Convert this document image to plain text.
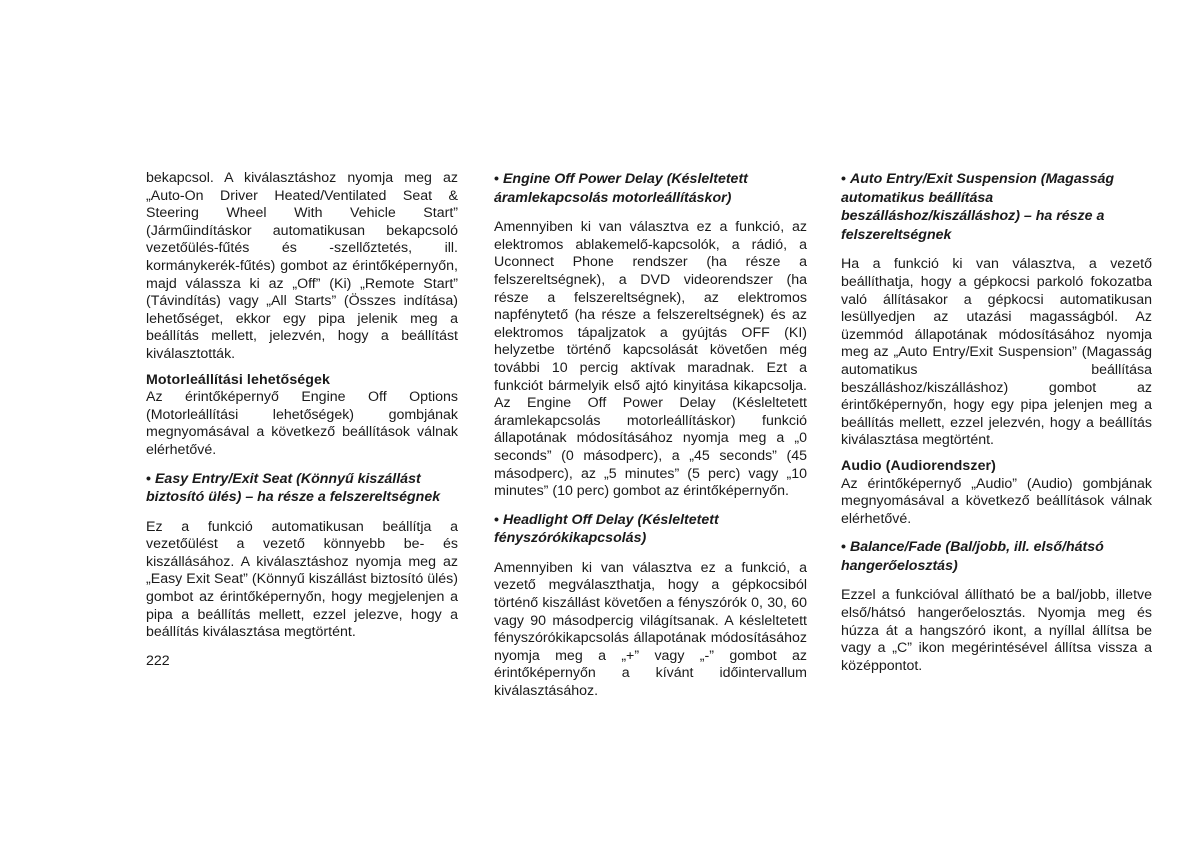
bekapcsol. A kiválasztáshoz nyomja meg az „Auto-On Driver Heated/Ventilated Seat & Steering Wheel With Vehicle Start” (Járműindításkor automatikusan bekapcsoló vezetőülés-fűtés és -szellőztetés, ill. kormánykerék-fűtés) gombot az érintőképernyőn, majd válassza ki az „Off” (Ki) „Remote Start” (Távindítás) vagy „All Starts” (Összes indítása) lehetőséget, ekkor egy pipa jelenik meg a beállítás mellett, jelezvén, hogy a beállítást kiválasztották.

Motorleállítási lehetőségek

Az érintőképernyő Engine Off Options (Motorleállítási lehetőségek) gombjának megnyomásával a következő beállítások válnak elérhetővé.

• Easy Entry/Exit Seat (Könnyű kiszállást biztosító ülés) – ha része a felszereltségnek

Ez a funkció automatikusan beállítja a vezetőülést a vezető könnyebb be- és kiszállásához. A kiválasztáshoz nyomja meg az „Easy Exit Seat” (Könnyű kiszállást biztosító ülés) gombot az érintőképernyőn, hogy megjelenjen a pipa a beállítás mellett, ezzel jelezve, hogy a beállítás kiválasztása megtörtént.

• Engine Off Power Delay (Késleltetett áramlekapcsolás motorleállításkor)

Amennyiben ki van választva ez a funkció, az elektromos ablakemelő-kapcsolók, a rádió, a Uconnect Phone rendszer (ha része a felszereltségnek), a DVD videorendszer (ha része a felszereltségnek), az elektromos napfénytető (ha része a felszereltségnek) és az elektromos tápaljzatok a gyújtás OFF (KI) helyzetbe történő kapcsolását követően még további 10 percig aktívak maradnak. Ezt a funkciót bármelyik első ajtó kinyitása kikapcsolja. Az Engine Off Power Delay (Késleltetett áramlekapcsolás motorleállításkor) funkció állapotának módosításához nyomja meg a „0 seconds” (0 másodperc), a „45 seconds” (45 másodperc), az „5 minutes” (5 perc) vagy „10 minutes” (10 perc) gombot az érintőképernyőn.

• Headlight Off Delay (Késleltetett fényszórókikapcsolás)

Amennyiben ki van választva ez a funkció, a vezető megválaszthatja, hogy a gépkocsiból történő kiszállást követően a fényszórók 0, 30, 60 vagy 90 másodpercig világítsanak. A késleltetett fényszórókikapcsolás állapotának módosításához nyomja meg a „+” vagy „-” gombot az érintőképernyőn a kívánt időintervallum kiválasztásához.

• Auto Entry/Exit Suspension (Magasság automatikus beállítása beszálláshoz/kiszálláshoz) – ha része a felszereltségnek

Ha a funkció ki van választva, a vezető beállíthatja, hogy a gépkocsi parkoló fokozatba való állításakor a gépkocsi automatikusan lesüllyedjen az utazási magasságból. Az üzemmód állapotának módosításához nyomja meg az „Auto Entry/Exit Suspension” (Magasság automatikus beállítása beszálláshoz/kiszálláshoz) gombot az érintőképernyőn, hogy egy pipa jelenjen meg a beállítás mellett, ezzel jelezvén, hogy a beállítás kiválasztása megtörtént.

Audio (Audiorendszer)

Az érintőképernyő „Audio” (Audio) gombjának megnyomásával a következő beállítások válnak elérhetővé.

• Balance/Fade (Bal/jobb, ill. első/hátsó hangerőelosztás)

Ezzel a funkcióval állítható be a bal/jobb, illetve első/hátsó hangerőelosztás. Nyomja meg és húzza át a hangszóró ikont, a nyíllal állítsa be vagy a „C” ikon megérintésével állítsa vissza a középpontot.

222
